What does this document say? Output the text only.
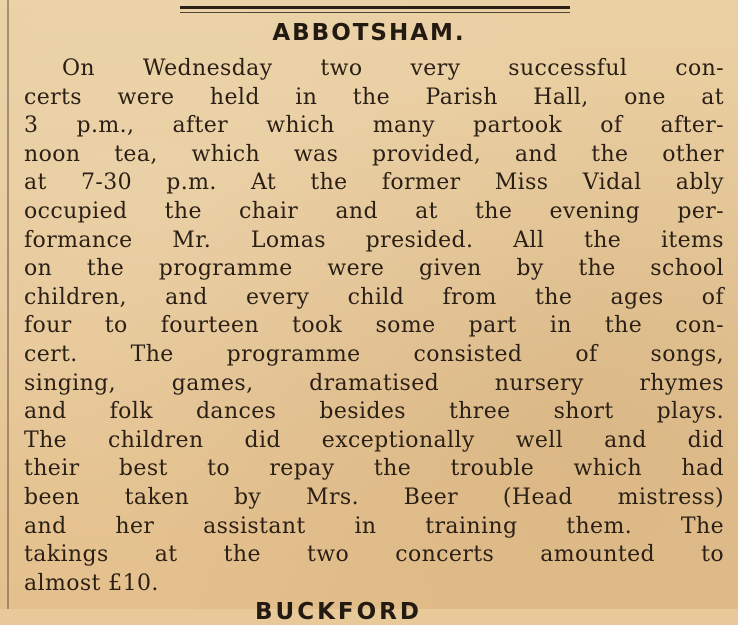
ABBOTSHAM.
On Wednesday two very successful con-
certs were held in the Parish Hall, one at
3 p.m., after which many partook of after-
noon tea, which was provided, and the other
at 7-30 p.m. At the former Miss Vidal ably
occupied the chair and at the evening per-
formance Mr. Lomas presided. All the items
on the programme were given by the school
children, and every child from the ages of
four to fourteen took some part in the con-
cert. The programme consisted of songs,
singing, games, dramatised nursery rhymes
and folk dances besides three short plays.
The children did exceptionally well and did
their best to repay the trouble which had
been taken by Mrs. Beer (Head mistress)
and her assistant in training them. The
takings at the two concerts amounted to
almost £10.
BUCKFORD
